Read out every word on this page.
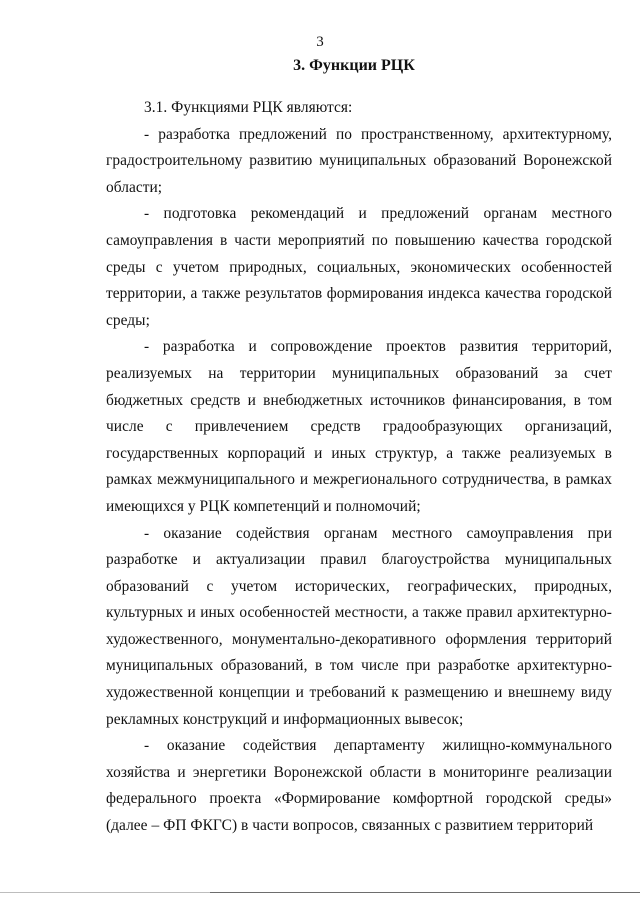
3
3. Функции РЦК

3.1. Функциями РЦК являются:

- разработка предложений по пространственному, архитектурному, градостроительному развитию муниципальных образований Воронежской области;

- подготовка рекомендаций и предложений органам местного самоуправления в части мероприятий по повышению качества городской среды с учетом природных, социальных, экономических особенностей территории, а также результатов формирования индекса качества городской среды;

- разработка и сопровождение проектов развития территорий, реализуемых на территории муниципальных образований за счет бюджетных средств и внебюджетных источников финансирования, в том числе с привлечением средств градообразующих организаций, государственных корпораций и иных структур, а также реализуемых в рамках межмуниципального и межрегионального сотрудничества, в рамках имеющихся у РЦК компетенций и полномочий;

- оказание содействия органам местного самоуправления при разработке и актуализации правил благоустройства муниципальных образований с учетом исторических, географических, природных, культурных и иных особенностей местности, а также правил архитектурно-художественного, монументально-декоративного оформления территорий муниципальных образований, в том числе при разработке архитектурно-художественной концепции и требований к размещению и внешнему виду рекламных конструкций и информационных вывесок;

- оказание содействия департаменту жилищно-коммунального хозяйства и энергетики Воронежской области в мониторинге реализации федерального проекта «Формирование комфортной городской среды» (далее – ФП ФКГС) в части вопросов, связанных с развитием территорий
